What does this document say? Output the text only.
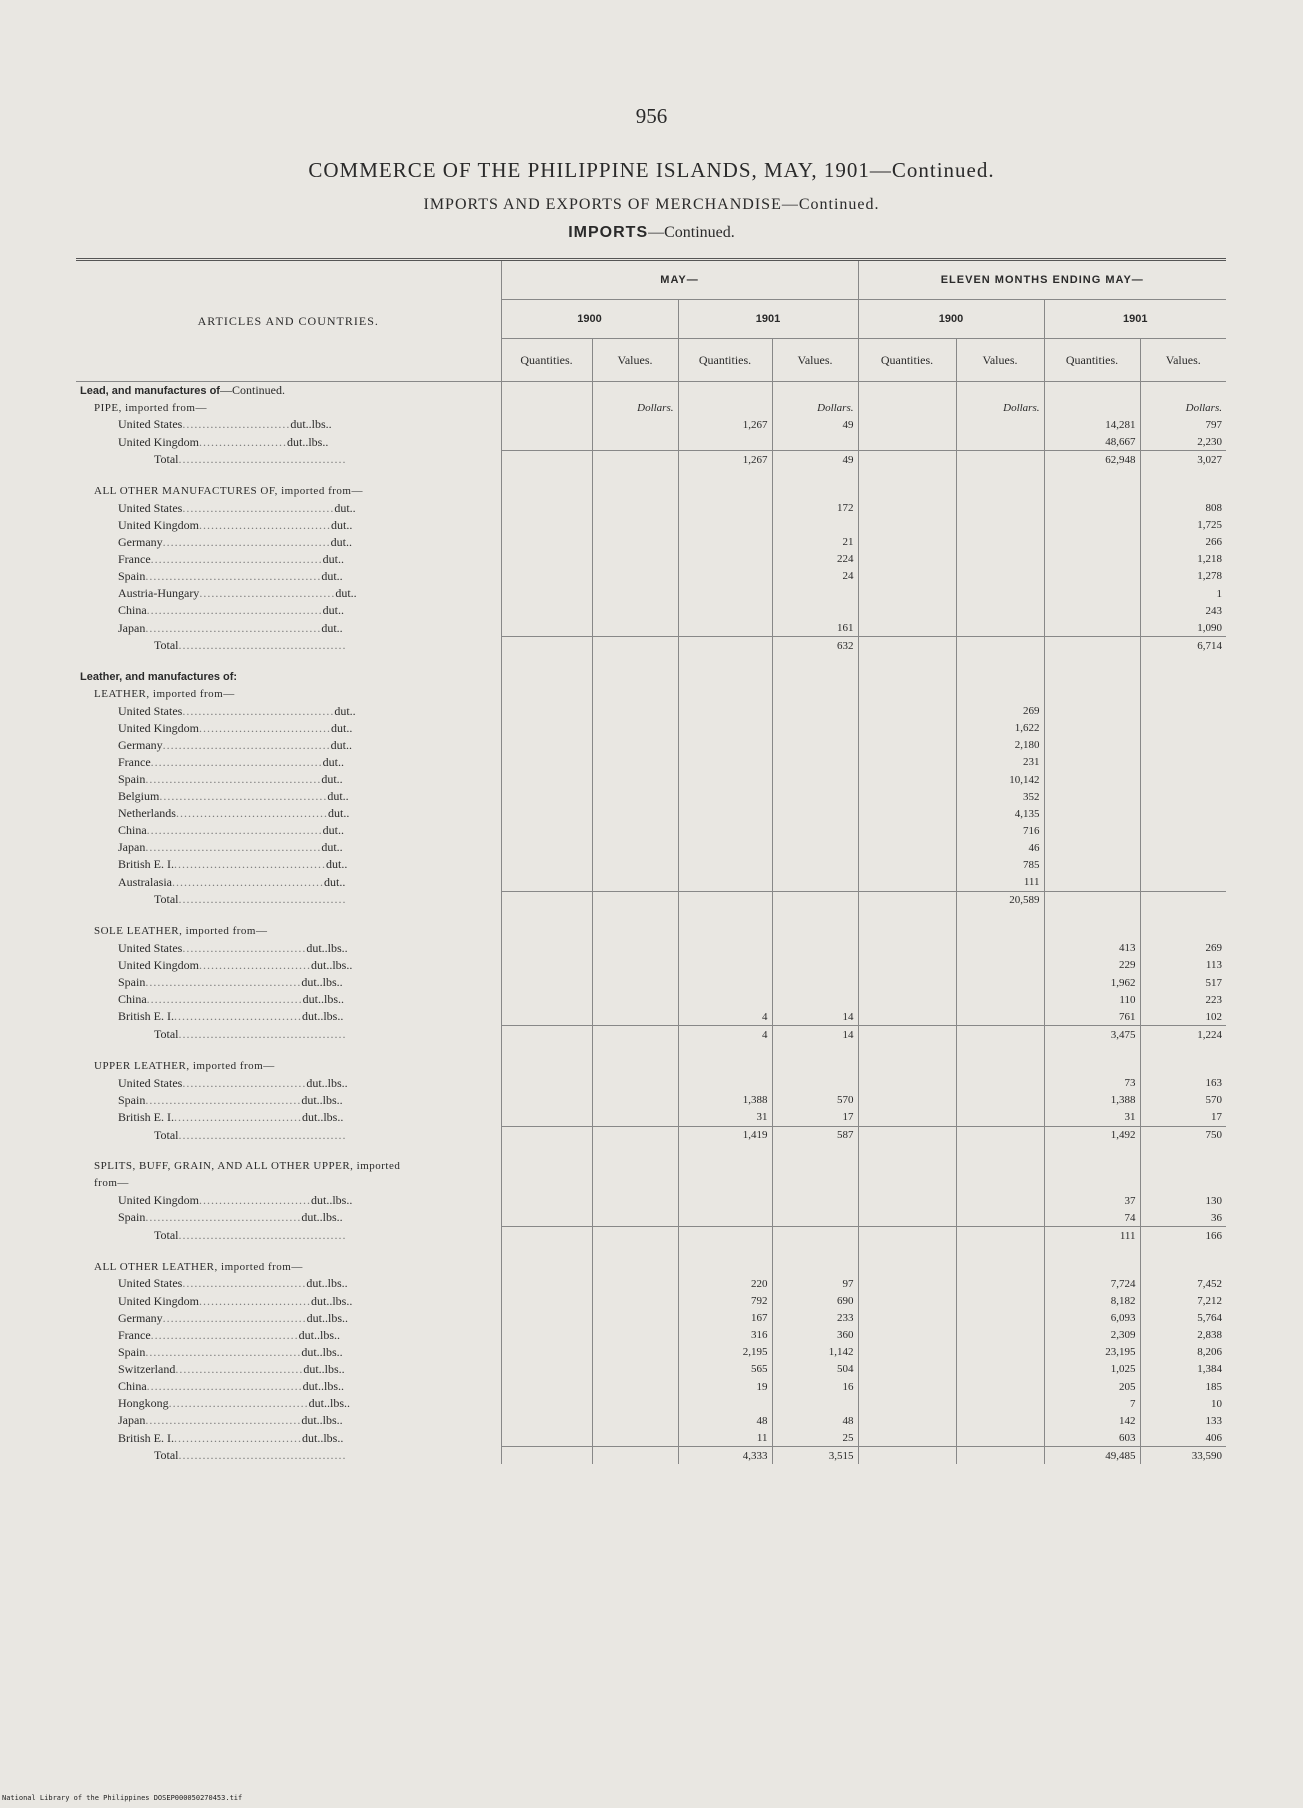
956
COMMERCE OF THE PHILIPPINE ISLANDS, MAY, 1901—Continued.
IMPORTS AND EXPORTS OF MERCHANDISE—Continued.
IMPORTS—Continued.
ARTICLES AND COUNTRIES.	MAY—				ELEVEN MONTHS ENDING MAY—			
	1900		1901		1900		1901	
	Quantities.	Values.	Quantities.	Values.	Quantities.	Values.	Quantities.	Values.
Lead, and manufactures of—Continued.								
PIPE, imported from—		Dollars.		Dollars.		Dollars.		Dollars.
United States...........................dut..lbs..			1,267	49			14,281	797
United Kingdom......................dut..lbs..							48,667	2,230
Total..........................................			1,267	49			62,948	3,027

ALL OTHER MANUFACTURES OF, imported from—								
United States......................................dut..				172				808
United Kingdom.................................dut..								1,725
Germany..........................................dut..				21				266
France...........................................dut..				224				1,218
Spain............................................dut..				24				1,278
Austria-Hungary..................................dut..								1
China............................................dut..								243
Japan............................................dut..				161				1,090
Total..........................................				632				6,714

Leather, and manufactures of:								
LEATHER, imported from—								
United States......................................dut..						269		
United Kingdom.................................dut..						1,622		
Germany..........................................dut..						2,180		
France...........................................dut..						231		
Spain............................................dut..						10,142		
Belgium..........................................dut..						352		
Netherlands......................................dut..						4,135		
China............................................dut..						716		
Japan............................................dut..						46		
British E. I.......................................dut..						785		
Australasia......................................dut..						111		
Total..........................................						20,589		

SOLE LEATHER, imported from—								
United States...............................dut..lbs..							413	269
United Kingdom............................dut..lbs..							229	113
Spain.......................................dut..lbs..							1,962	517
China.......................................dut..lbs..							110	223
British E. I.................................dut..lbs..			4	14			761	102
Total..........................................			4	14			3,475	1,224

UPPER LEATHER, imported from—								
United States...............................dut..lbs..							73	163
Spain.......................................dut..lbs..			1,388	570			1,388	570
British E. I.................................dut..lbs..			31	17			31	17
Total..........................................			1,419	587			1,492	750

SPLITS, BUFF, GRAIN, AND ALL OTHER UPPER, imported								
from—								
United Kingdom............................dut..lbs..							37	130
Spain.......................................dut..lbs..							74	36
Total..........................................							111	166

ALL OTHER LEATHER, imported from—								
United States...............................dut..lbs..			220	97			7,724	7,452
United Kingdom............................dut..lbs..			792	690			8,182	7,212
Germany....................................dut..lbs..			167	233			6,093	5,764
France.....................................dut..lbs..			316	360			2,309	2,838
Spain.......................................dut..lbs..			2,195	1,142			23,195	8,206
Switzerland................................dut..lbs..			565	504			1,025	1,384
China.......................................dut..lbs..			19	16			205	185
Hongkong...................................dut..lbs..							7	10
Japan.......................................dut..lbs..			48	48			142	133
British E. I.................................dut..lbs..			11	25			603	406
Total..........................................			4,333	3,515			49,485	33,590
National Library of the Philippines DOSEP000050270453.tif
